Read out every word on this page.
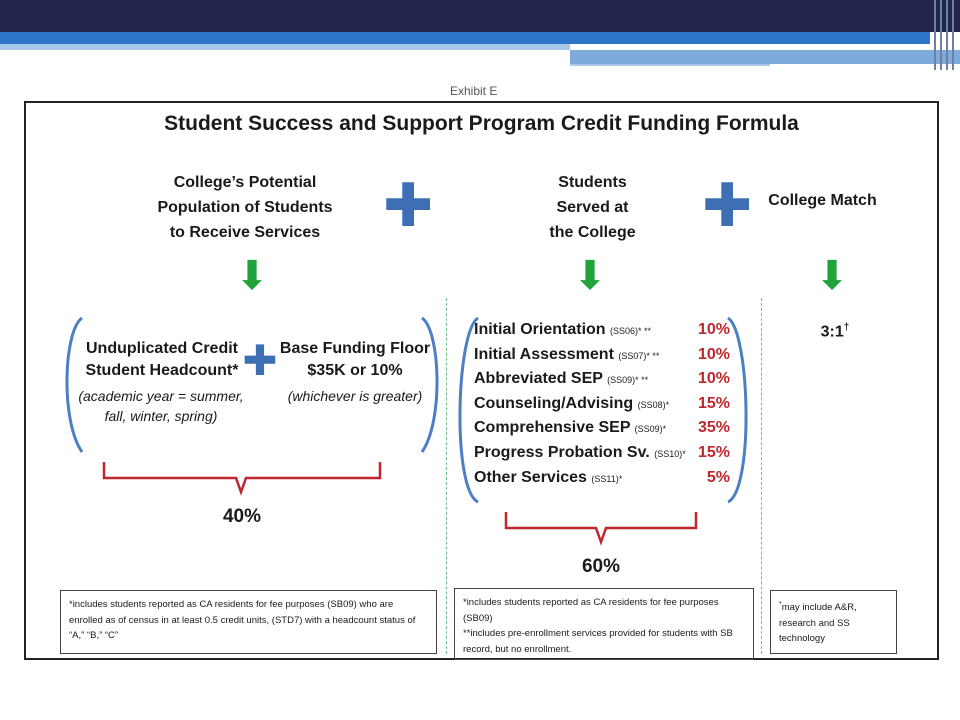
Exhibit E
Student Success and Support Program Credit Funding Formula
College’s Potential
Population of Students
to Receive Services	✚	Students
Served at
the College	✚ College Match
⬇	⬇	⬇
Unduplicated Credit
Student Headcount*
(academic year = summer,
fall, winter, spring)
✚ Base Funding Floor
$35K or 10%
(whichever is greater)
40%
Initial Orientation (SS06)* **	10%
Initial Assessment (SS07)* ** 10%
Abbreviated SEP (SS09)* **	10%
Counseling/Advising (SS08)* 15%
Comprehensive SEP (SS09)* 35%
Progress Probation Sv. (SS10)* 15%
Other Services (SS11)*	5%
60%
3:1†
*includes students reported as CA residents for fee purposes (SB09) who are enrolled as of census in at least 0.5 credit units, (STD7) with a headcount status of “A,” “B,” “C”
*includes students reported as CA residents for fee purposes (SB09)
**includes pre-enrollment services provided for students with SB record, but no enrollment.
*may include A&R, research and SS technology
